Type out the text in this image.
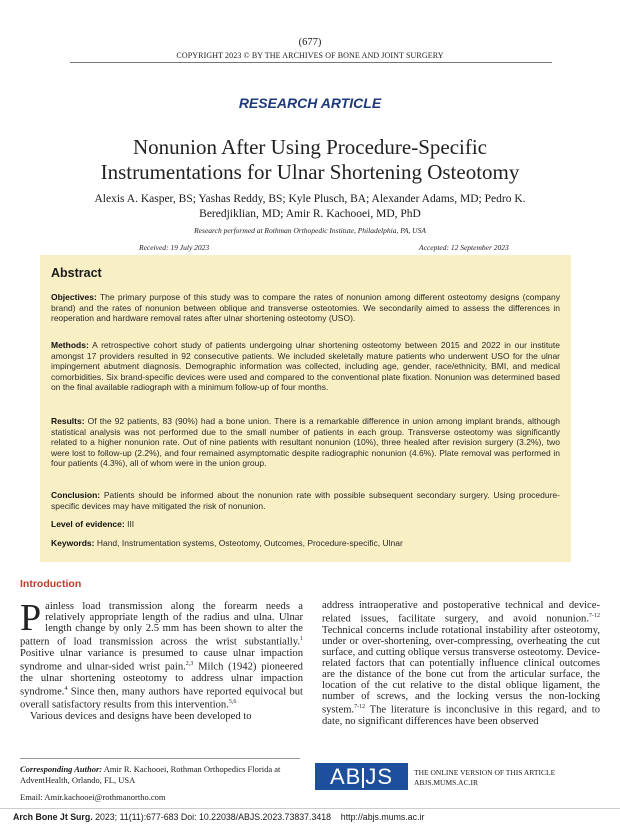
(677)
COPYRIGHT 2023 © BY THE ARCHIVES OF BONE AND JOINT SURGERY
RESEARCH ARTICLE
Nonunion After Using Procedure-Specific
Instrumentations for Ulnar Shortening Osteotomy
Alexis A. Kasper, BS; Yashas Reddy, BS; Kyle Plusch, BA; Alexander Adams, MD; Pedro K. Beredjiklian, MD; Amir R. Kachooei, MD, PhD
Research performed at Rothman Orthopedic Institute, Philadelphia, PA, USA
Received: 19 July 2023	Accepted: 12 September 2023
Abstract
Objectives: The primary purpose of this study was to compare the rates of nonunion among different osteotomy designs (company brand) and the rates of nonunion between oblique and transverse osteotomies. We secondarily aimed to assess the differences in reoperation and hardware removal rates after ulnar shortening osteotomy (USO).
Methods: A retrospective cohort study of patients undergoing ulnar shortening osteotomy between 2015 and 2022 in our institute amongst 17 providers resulted in 92 consecutive patients. We included skeletally mature patients who underwent USO for the ulnar impingement abutment diagnosis. Demographic information was collected, including age, gender, race/ethnicity, BMI, and medical comorbidities. Six brand-specific devices were used and compared to the conventional plate fixation. Nonunion was determined based on the final available radiograph with a minimum follow-up of four months.
Results: Of the 92 patients, 83 (90%) had a bone union. There is a remarkable difference in union among implant brands, although statistical analysis was not performed due to the small number of patients in each group. Transverse osteotomy was significantly related to a higher nonunion rate. Out of nine patients with resultant nonunion (10%), three healed after revision surgery (3.2%), two were lost to follow-up (2.2%), and four remained asymptomatic despite radiographic nonunion (4.6%). Plate removal was performed in four patients (4.3%), all of whom were in the union group.
Conclusion: Patients should be informed about the nonunion rate with possible subsequent secondary surgery. Using procedure-specific devices may have mitigated the risk of nonunion.
Level of evidence: III
Keywords: Hand, Instrumentation systems, Osteotomy, Outcomes, Procedure-specific, Ulnar
Introduction
Painless load transmission along the forearm needs a relatively appropriate length of the radius and ulna. Ulnar length change by only 2.5 mm has been shown to alter the pattern of load transmission across the wrist substantially.$^1$ Positive ulnar variance is presumed to cause ulnar impaction syndrome and ulnar-sided wrist pain.$^{2,3}$ Milch (1942) pioneered the ulnar shortening osteotomy to address ulnar impaction syndrome.$^4$ Since then, many authors have reported equivocal but overall satisfactory results from this intervention.$^{5,6}$
Various devices and designs have been developed to
address intraoperative and postoperative technical and device-related issues, facilitate surgery, and avoid nonunion.$^{7-12}$ Technical concerns include rotational instability after osteotomy, under or over-shortening, over-compressing, overheating the cut surface, and cutting oblique versus transverse osteotomy. Device-related factors that can potentially influence clinical outcomes are the distance of the bone cut from the articular surface, the location of the cut relative to the distal oblique ligament, the number of screws, and the locking versus the non-locking system.$^{7-12}$ The literature is inconclusive in this regard, and to date, no significant differences have been observed
Corresponding Author: Amir R. Kachooei, Rothman Orthopedics Florida at AdventHealth, Orlando, FL, USA
Email: Amir.kachooei@rothmanortho.com
AB JS	THE ONLINE VERSION OF THIS ARTICLE
ABJS.MUMS.AC.IR
Arch Bone Jt Surg. 2023; 11(11):677-683 Doi: 10.22038/ABJS.2023.73837.3418    http://abjs.mums.ac.ir
